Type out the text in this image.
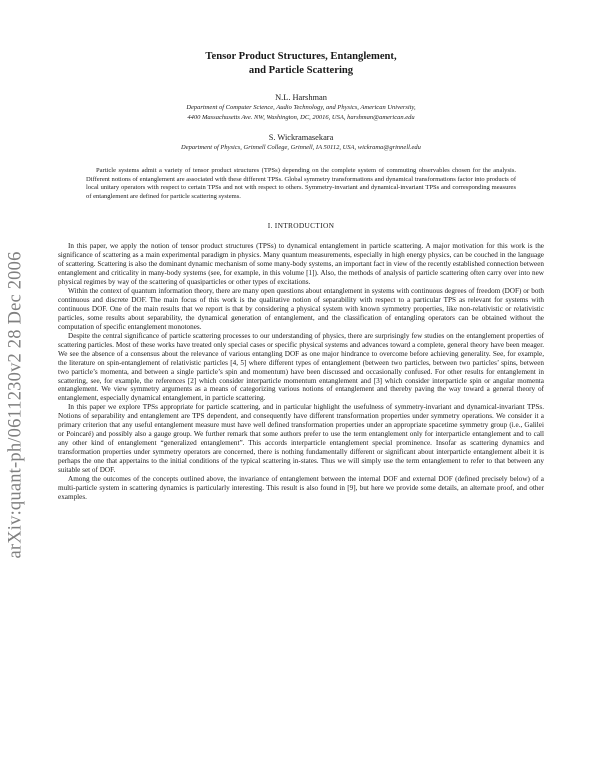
arXiv:quant-ph/0611230v2 28 Dec 2006
Tensor Product Structures, Entanglement,
and Particle Scattering
N.L. Harshman
Department of Computer Science, Audio Technology, and Physics, American University,
4400 Massachusetts Ave. NW, Washington, DC, 20016, USA, harshman@american.edu
S. Wickramasekara
Department of Physics, Grinnell College, Grinnell, IA 50112, USA, wickrama@grinnell.edu

Particle systems admit a variety of tensor product structures (TPSs) depending on the complete system of commuting observables chosen for the analysis. Different notions of entanglement are associated with these different TPSs. Global symmetry transformations and dynamical transformations factor into products of local unitary operators with respect to certain TPSs and not with respect to others. Symmetry-invariant and dynamical-invariant TPSs and corresponding measures of entanglement are defined for particle scattering systems.

I. INTRODUCTION

In this paper, we apply the notion of tensor product structures (TPSs) to dynamical entanglement in particle scattering. A major motivation for this work is the significance of scattering as a main experimental paradigm in physics. Many quantum measurements, especially in high energy physics, can be couched in the language of scattering. Scattering is also the dominant dynamic mechanism of some many-body systems, an important fact in view of the recently established connection between entanglement and criticality in many-body systems (see, for example, in this volume [1]). Also, the methods of analysis of particle scattering often carry over into new physical regimes by way of the scattering of quasiparticles or other types of excitations.

Within the context of quantum information theory, there are many open questions about entanglement in systems with continuous degrees of freedom (DOF) or both continuous and discrete DOF. The main focus of this work is the qualitative notion of separability with respect to a particular TPS as relevant for systems with continuous DOF. One of the main results that we report is that by considering a physical system with known symmetry properties, like non-relativistic or relativistic particles, some results about separability, the dynamical generation of entanglement, and the classification of entangling operators can be obtained without the computation of specific entanglement monotones.

Despite the central significance of particle scattering processes to our understanding of physics, there are surprisingly few studies on the entanglement properties of scattering particles. Most of these works have treated only special cases or specific physical systems and advances toward a complete, general theory have been meager. We see the absence of a consensus about the relevance of various entangling DOF as one major hindrance to overcome before achieving generality. See, for example, the literature on spin-entanglement of relativistic particles [4, 5] where different types of entanglement (between two particles, between two particles’ spins, between two particle’s momenta, and between a single particle’s spin and momentum) have been discussed and occasionally confused. For other results for entanglement in scattering, see, for example, the references [2] which consider interparticle momentum entanglement and [3] which consider interparticle spin or angular momenta entanglement. We view symmetry arguments as a means of categorizing various notions of entanglement and thereby paving the way toward a general theory of entanglement, especially dynamical entanglement, in particle scattering.

In this paper we explore TPSs appropriate for particle scattering, and in particular highlight the usefulness of symmetry-invariant and dynamical-invariant TPSs. Notions of separability and entanglement are TPS dependent, and consequently have different transformation properties under symmetry operations. We consider it a primary criterion that any useful entanglement measure must have well defined transformation properties under an appropriate spacetime symmetry group (i.e., Galilei or Poincaré) and possibly also a gauge group. We further remark that some authors prefer to use the term entanglement only for interparticle entanglement and to call any other kind of entanglement “generalized entanglement”. This accords interparticle entanglement special prominence. Insofar as scattering dynamics and transformation properties under symmetry operators are concerned, there is nothing fundamentally different or significant about interparticle entanglement albeit it is perhaps the one that appertains to the initial conditions of the typical scattering in-states. Thus we will simply use the term entanglement to refer to that between any suitable set of DOF.

Among the outcomes of the concepts outlined above, the invariance of entanglement between the internal DOF and external DOF (defined precisely below) of a multi-particle system in scattering dynamics is particularly interesting. This result is also found in [9], but here we provide some details, an alternate proof, and other examples.
